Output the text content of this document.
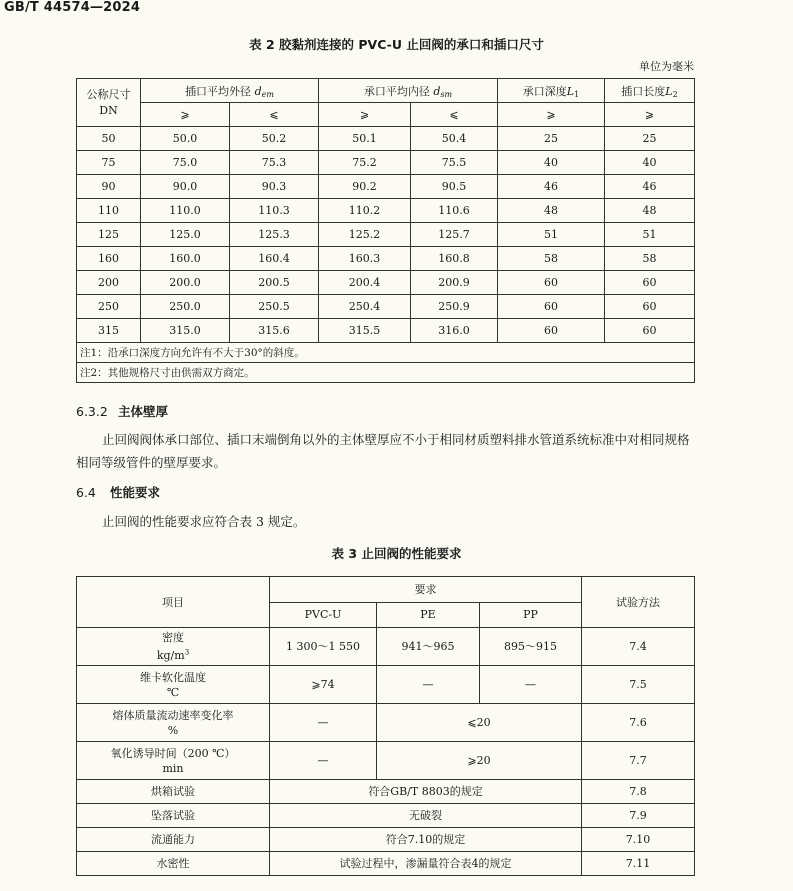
GB/T 44574—2024
表 2 胶黏剂连接的 PVC-U 止回阀的承口和插口尺寸
单位为毫米
公称尺寸
DN	插口平均外径 $d_{em}$		承口平均内径 $d_{sm}$		承口深度$L_1$	插口长度$L_2$
	⩾	⩽	⩾	⩽	⩾	⩾
50	50.0	50.2	50.1	50.4	25	25
75	75.0	75.3	75.2	75.5	40	40
90	90.0	90.3	90.2	90.5	46	46
110	110.0	110.3	110.2	110.6	48	48
125	125.0	125.3	125.2	125.7	51	51
160	160.0	160.4	160.3	160.8	58	58
200	200.0	200.5	200.4	200.9	60	60
250	250.0	250.5	250.4	250.9	60	60
315	315.0	315.6	315.5	316.0	60	60
注1：沿承口深度方向允许有不大于30°的斜度。						
注2：其他规格尺寸由供需双方商定。						
6.3.2 主体壁厚
止回阀阀体承口部位、插口末端倒角以外的主体壁厚应不小于相同材质塑料排水管道系统标准中对相同规格相同等级管件的壁厚要求。
6.4 性能要求
止回阀的性能要求应符合表 3 规定。
表 3 止回阀的性能要求
项目	要求			试验方法
	PVC-U	PE	PP	
密度
$kg/m^3$	1 300～1 550	941～965	895～915	7.4
维卡软化温度
℃	⩾74	—	—	7.5
熔体质量流动速率变化率
%	—	⩽20		7.6
氧化诱导时间（200 ℃）
min	—	⩾20		7.7
烘箱试验	符合GB/T 8803的规定			7.8
坠落试验	无破裂			7.9
流通能力	符合7.10的规定			7.10
水密性	试验过程中，渗漏量符合表4的规定			7.11
